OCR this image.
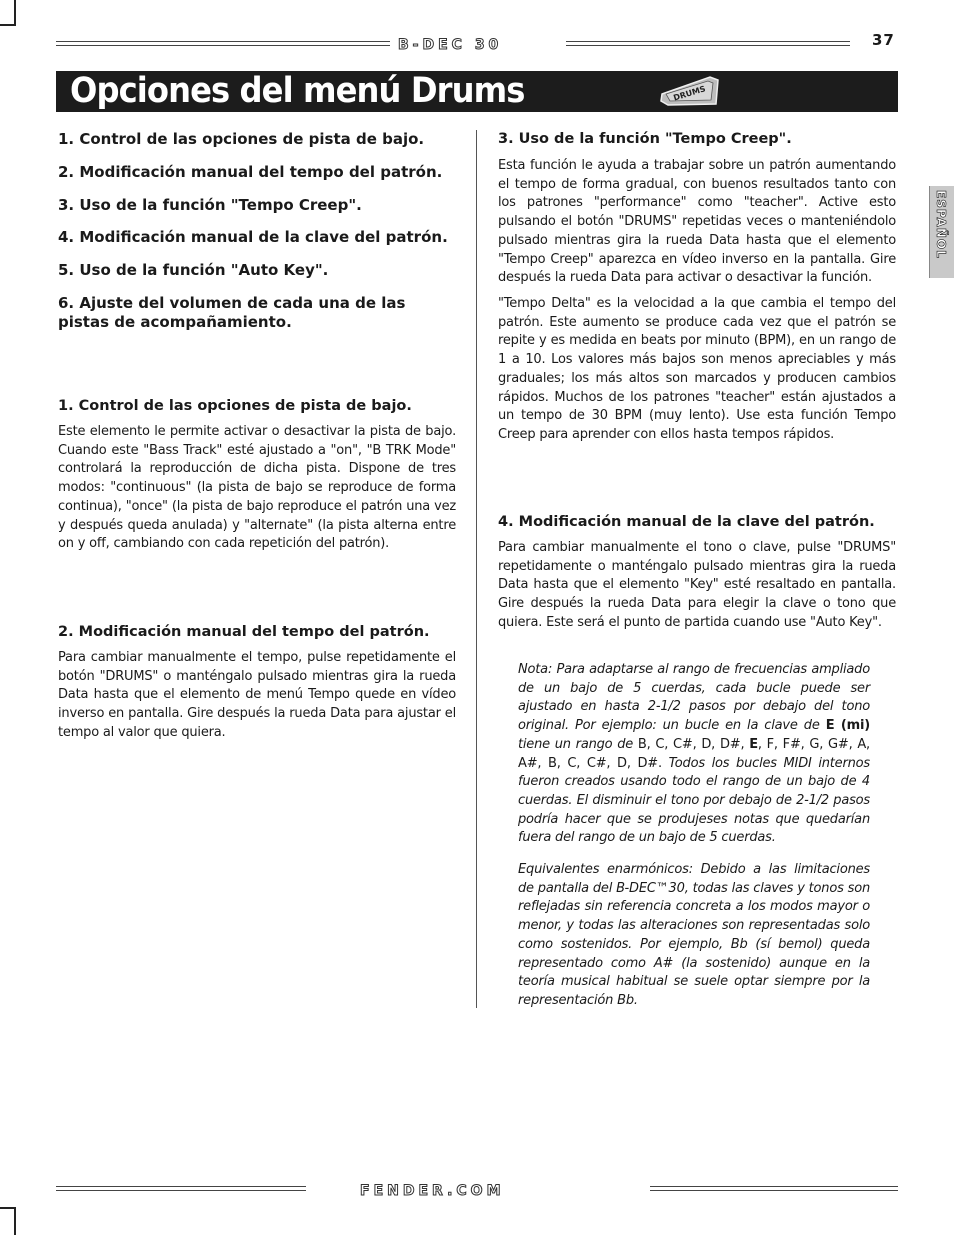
B-DEC 30	37
Opciones del menú Drums	DRUMS
ESPAÑOL

1. Control de las opciones de pista de bajo.

2. Modificación manual del tempo del patrón.

3. Uso de la función "Tempo Creep".

4. Modificación manual de la clave del patrón.

5. Uso de la función "Auto Key".

6. Ajuste del volumen de cada una de las pistas de acompañamiento.

1. Control de las opciones de pista de bajo.

Este elemento le permite activar o desactivar la pista de bajo. Cuando este "Bass Track" esté ajustado a "on", "B TRK Mode" controlará la reproducción de dicha pista. Dispone de tres modos: "continuous" (la pista de bajo se reproduce de forma continua), "once" (la pista de bajo reproduce el patrón una vez y después queda anulada) y "alternate" (la pista alterna entre on y off, cambiando con cada repetición del patrón).

2. Modificación manual del tempo del patrón.

Para cambiar manualmente el tempo, pulse repetidamente el botón "DRUMS" o manténgalo pulsado mientras gira la rueda Data hasta que el elemento de menú Tempo quede en vídeo inverso en pantalla. Gire después la rueda Data para ajustar el tempo al valor que quiera.

3. Uso de la función "Tempo Creep".

Esta función le ayuda a trabajar sobre un patrón aumentando el tempo de forma gradual, con buenos resultados tanto con los patrones "performance" como "teacher". Active esto pulsando el botón "DRUMS" repetidas veces o manteniéndolo pulsado mientras gira la rueda Data hasta que el elemento "Tempo Creep" aparezca en vídeo inverso en la pantalla. Gire después la rueda Data para activar o desactivar la función.

"Tempo Delta" es la velocidad a la que cambia el tempo del patrón. Este aumento se produce cada vez que el patrón se repite y es medida en beats por minuto (BPM), en un rango de 1 a 10. Los valores más bajos son menos apreciables y más graduales; los más altos son marcados y producen cambios rápidos. Muchos de los patrones "teacher" están ajustados a un tempo de 30 BPM (muy lento). Use esta función Tempo Creep para aprender con ellos hasta tempos rápidos.

4. Modificación manual de la clave del patrón.

Para cambiar manualmente el tono o clave, pulse "DRUMS" repetidamente o manténgalo pulsado mientras gira la rueda Data hasta que el elemento "Key" esté resaltado en pantalla. Gire después la rueda Data para elegir la clave o tono que quiera. Este será el punto de partida cuando use "Auto Key".

Nota: Para adaptarse al rango de frecuencias ampliado de un bajo de 5 cuerdas, cada bucle puede ser ajustado en hasta 2-1/2 pasos por debajo del tono original. Por ejemplo: un bucle en la clave de E (mi) tiene un rango de B, C, C#, D, D#, E, F, F#, G, G#, A, A#, B, C, C#, D, D#. Todos los bucles MIDI internos fueron creados usando todo el rango de un bajo de 4 cuerdas. El disminuir el tono por debajo de 2-1/2 pasos podría hacer que se produjeses notas que quedarían fuera del rango de un bajo de 5 cuerdas.

Equivalentes enarmónicos: Debido a las limitaciones de pantalla del B-DEC™30, todas las claves y tonos son reflejadas sin referencia concreta a los modos mayor o menor, y todas las alteraciones son representadas solo como sostenidos. Por ejemplo, Bb (sí bemol) queda representado como A# (la sostenido) aunque en la teoría musical habitual se suele optar siempre por la representación Bb.

FENDER.COM
